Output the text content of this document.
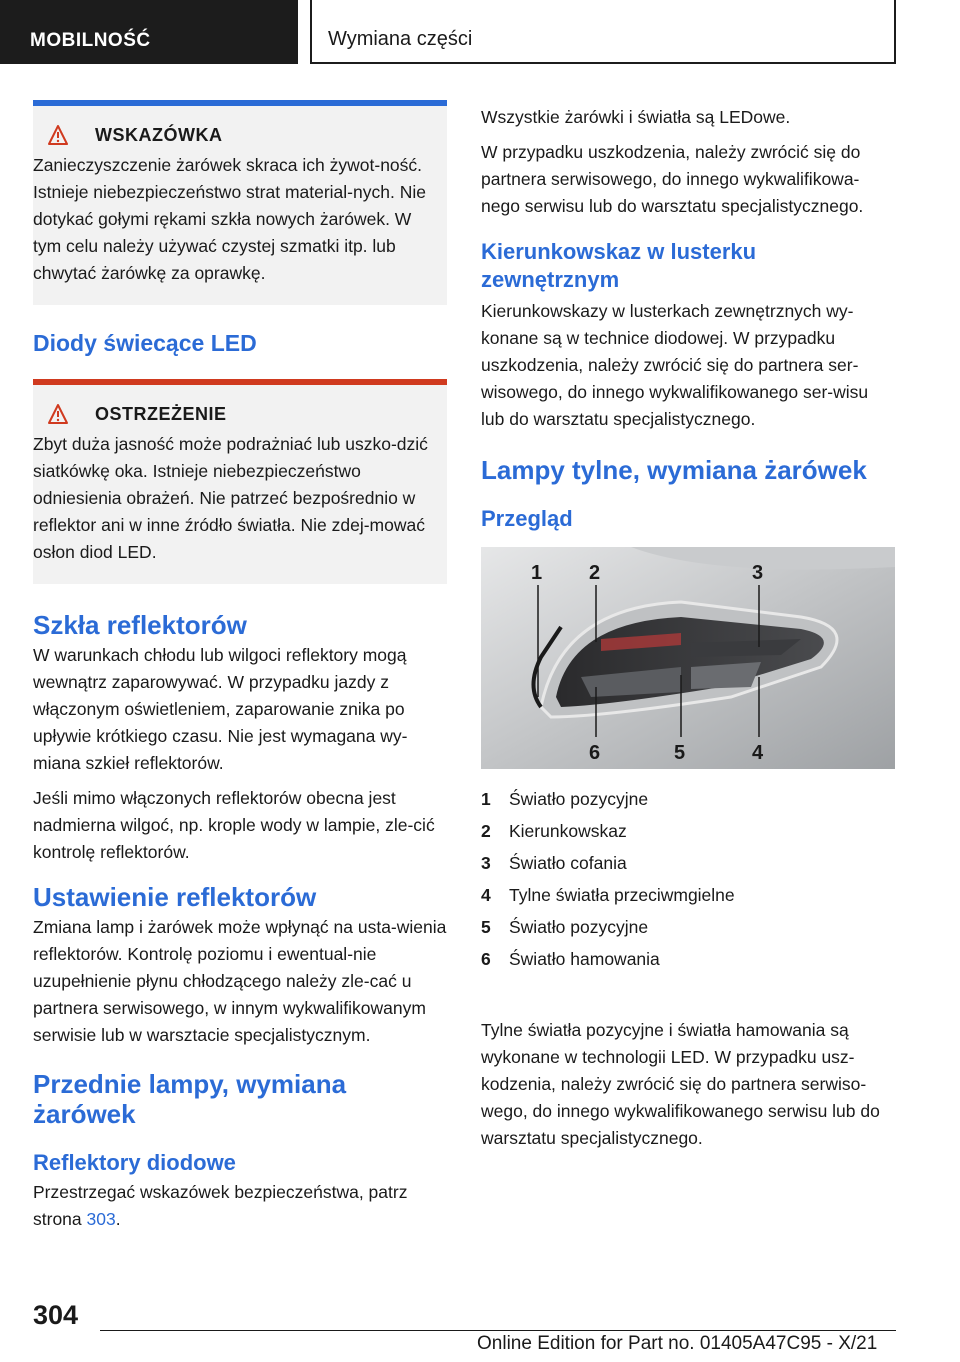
MOBILNOŚĆ	Wymiana części
WSKAZÓWKA
Zanieczyszczenie żarówek skraca ich żywot-ność. Istnieje niebezpieczeństwo strat material-nych. Nie dotykać gołymi rękami szkła nowych żarówek. W tym celu należy używać czystej szmatki itp. lub chwytać żarówkę za oprawkę.
Diody świecące LED
OSTRZEŻENIE
Zbyt duża jasność może podrażniać lub uszko-dzić siatkówkę oka. Istnieje niebezpieczeństwo odniesienia obrażeń. Nie patrzeć bezpośrednio w reflektor ani w inne źródło światła. Nie zdej-mować osłon diod LED.
Szkła reflektorów
W warunkach chłodu lub wilgoci reflektory mogą wewnątrz zaparowywać. W przypadku jazdy z włączonym oświetleniem, zaparowanie znika po upływie krótkiego czasu. Nie jest wymagana wy-miana szkieł reflektorów.
Jeśli mimo włączonych reflektorów obecna jest nadmierna wilgoć, np. krople wody w lampie, zle-cić kontrolę reflektorów.
Ustawienie reflektorów
Zmiana lamp i żarówek może wpłynąć na usta-wienia reflektorów. Kontrolę poziomu i ewentual-nie uzupełnienie płynu chłodzącego należy zle-cać u partnera serwisowego, w innym wykwalifikowanym serwisie lub w warsztacie specjalistycznym.
Przednie lampy, wymiana żarówek
Reflektory diodowe
Przestrzegać wskazówek bezpieczeństwa, patrz strona 303.
Wszystkie żarówki i światła są LEDowe.
W przypadku uszkodzenia, należy zwrócić się do partnera serwisowego, do innego wykwalifikowa-nego serwisu lub do warsztatu specjalistycznego.
Kierunkowskaz w lusterku zewnętrznym
Kierunkowskazy w lusterkach zewnętrznych wy-konane są w technice diodowej. W przypadku uszkodzenia, należy zwrócić się do partnera ser-wisowego, do innego wykwalifikowanego ser-wisu lub do warsztatu specjalistycznego.
Lampy tylne, wymiana żarówek
Przegląd
1 2	3
4
5
6
1	Światło pozycyjne
2	Kierunkowskaz
3	Światło cofania
4	Tylne światła przeciwmgielne
5	Światło pozycyjne
6	Światło hamowania
Tylne światła pozycyjne i światła hamowania są wykonane w technologii LED. W przypadku usz-kodzenia, należy zwrócić się do partnera serwiso-wego, do innego wykwalifikowanego serwisu lub do warsztatu specjalistycznego.
304
Online Edition for Part no. 01405A47C95 - X/21
